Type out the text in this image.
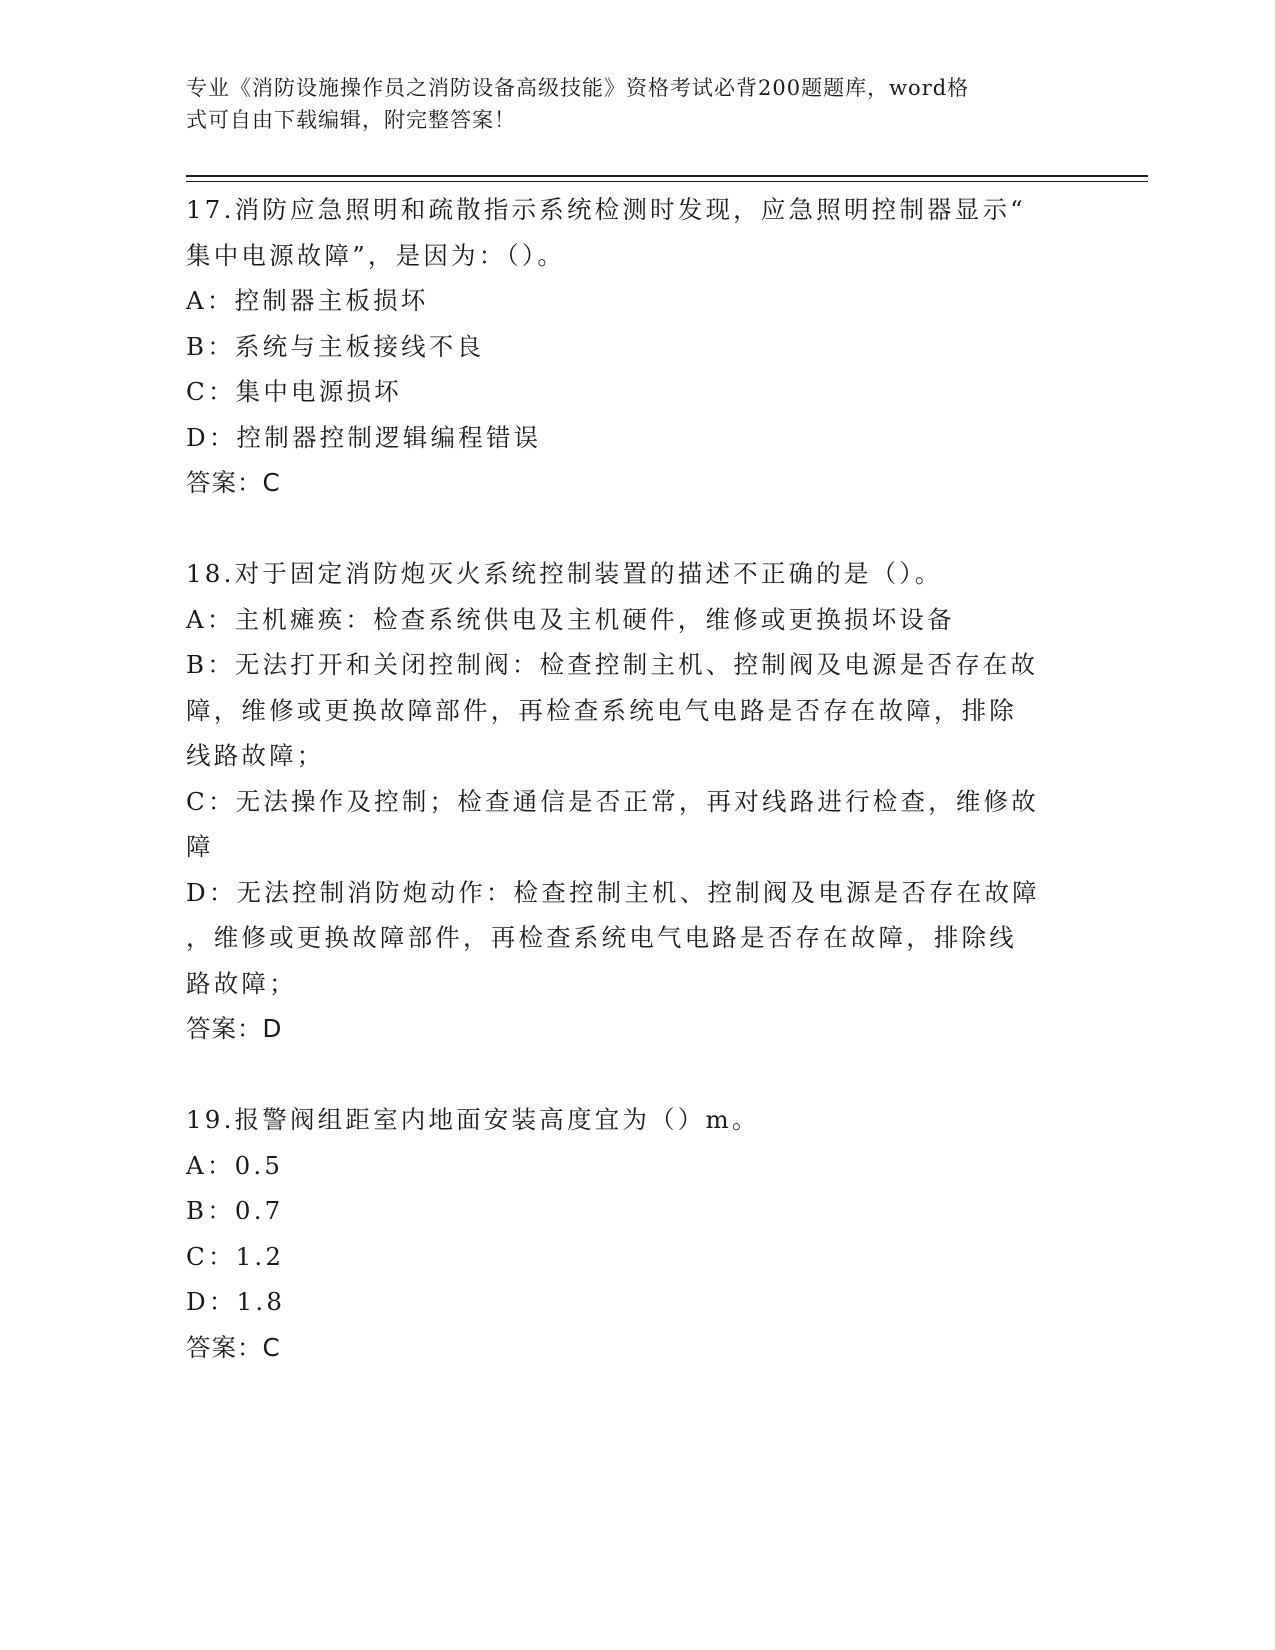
专业《消防设施操作员之消防设备高级技能》资格考试必背200题题库，word格
式可自由下载编辑，附完整答案！
17.消防应急照明和疏散指示系统检测时发现，应急照明控制器显示“
集中电源故障”，是因为：（）。
A：控制器主板损坏
B：系统与主板接线不良
C：集中电源损坏
D：控制器控制逻辑编程错误
答案：C
18.对于固定消防炮灭火系统控制装置的描述不正确的是（）。
A：主机瘫痪：检查系统供电及主机硬件，维修或更换损坏设备
B：无法打开和关闭控制阀：检查控制主机、控制阀及电源是否存在故
障，维修或更换故障部件，再检查系统电气电路是否存在故障，排除
线路故障；
C：无法操作及控制；检查通信是否正常，再对线路进行检查，维修故
障
D：无法控制消防炮动作：检查控制主机、控制阀及电源是否存在故障
，维修或更换故障部件，再检查系统电气电路是否存在故障，排除线
路故障；
答案：D
19.报警阀组距室内地面安装高度宜为（）m。
A：0.5
B：0.7
C：1.2
D：1.8
答案：C
